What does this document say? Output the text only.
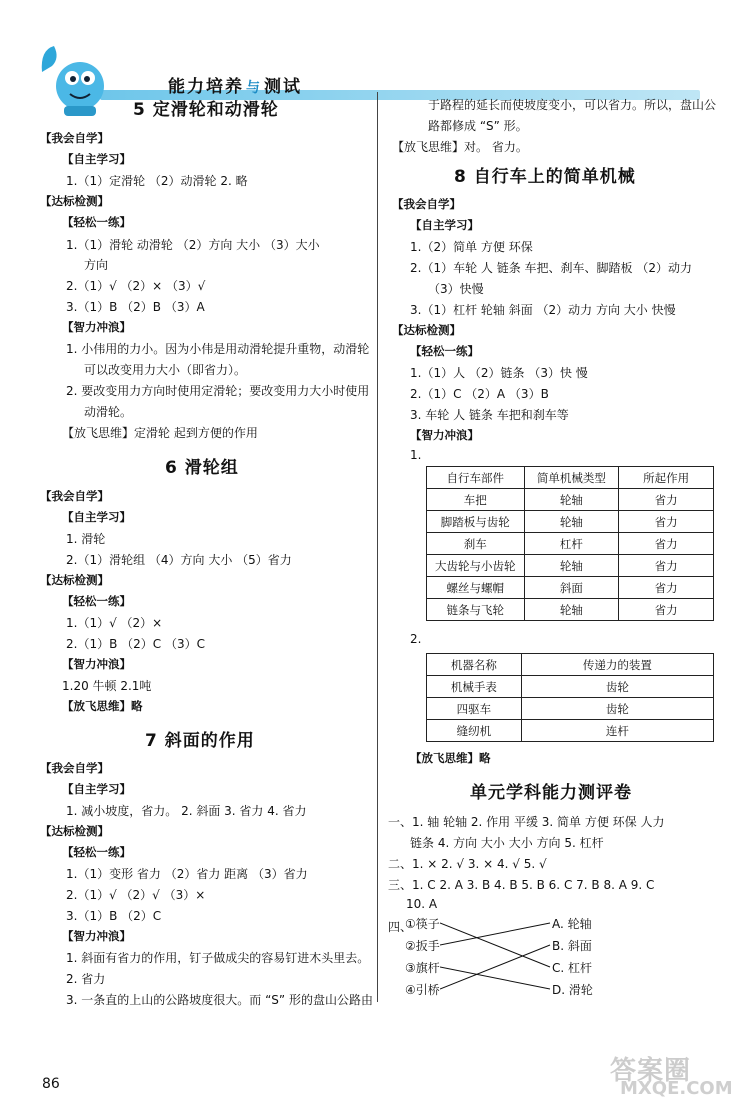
能力培养 与 测试
5 定滑轮和动滑轮
【我会自学】
【自主学习】
1.（1）定滑轮 （2）动滑轮 2. 略
【达标检测】
【轻松一练】
1.（1）滑轮 动滑轮 （2）方向 大小 （3）大小
方向
2.（1）√ （2）× （3）√
3.（1）B （2）B （3）A
【智力冲浪】
1. 小伟用的力小。因为小伟是用动滑轮提升重物，动滑轮
可以改变用力大小（即省力）。
2. 要改变用力方向时使用定滑轮；要改变用力大小时使用
动滑轮。
【放飞思维】定滑轮 起到方便的作用
6 滑轮组
【我会自学】
【自主学习】
1. 滑轮
2.（1）滑轮组 （4）方向 大小 （5）省力
【达标检测】
【轻松一练】
1.（1）√ （2）×
2.（1）B （2）C （3）C
【智力冲浪】
1.20 牛顿 2.1吨
【放飞思维】略
7 斜面的作用
【我会自学】
【自主学习】
1. 减小坡度，省力。 2. 斜面 3. 省力 4. 省力
【达标检测】
【轻松一练】
1.（1）变形 省力 （2）省力 距离 （3）省力
2.（1）√ （2）√ （3）×
3.（1）B （2）C
【智力冲浪】
1. 斜面有省力的作用，钉子做成尖的容易钉进木头里去。
2. 省力
3. 一条直的上山的公路坡度很大。而 “S” 形的盘山公路由
于路程的延长而使坡度变小，可以省力。所以，盘山公
路都修成 “S” 形。
【放飞思维】对。 省力。
8 自行车上的简单机械
【我会自学】
【自主学习】
1.（2）简单 方便 环保
2.（1）车轮 人 链条 车把、刹车、脚踏板 （2）动力
（3）快慢
3.（1）杠杆 轮轴 斜面 （2）动力 方向 大小 快慢
【达标检测】
【轻松一练】
1.（1）人 （2）链条 （3）快 慢
2.（1）C （2）A （3）B
3. 车轮 人 链条 车把和刹车等
【智力冲浪】
1.
自行车部件	简单机械类型	所起作用
车把	轮轴	省力
脚踏板与齿轮	轮轴	省力
刹车	杠杆	省力
大齿轮与小齿轮	轮轴	省力
螺丝与螺帽	斜面	省力
链条与飞轮	轮轴	省力
2.
机器名称	传递力的装置
机械手表	齿轮
四驱车	齿轮
缝纫机	连杆
【放飞思维】略
单元学科能力测评卷
一、1. 轴 轮轴 2. 作用 平缓 3. 简单 方便 环保 人力
链条 4. 方向 大小 大小 方向 5. 杠杆
二、1. × 2. √ 3. × 4. √ 5. √
三、1. C 2. A 3. B 4. B 5. B 6. C 7. B 8. A 9. C
10. A
四、
①筷子
②扳手
③旗杆
④引桥
A. 轮轴
B. 斜面
C. 杠杆
D. 滑轮
86	答案圈
MXQE.COM
